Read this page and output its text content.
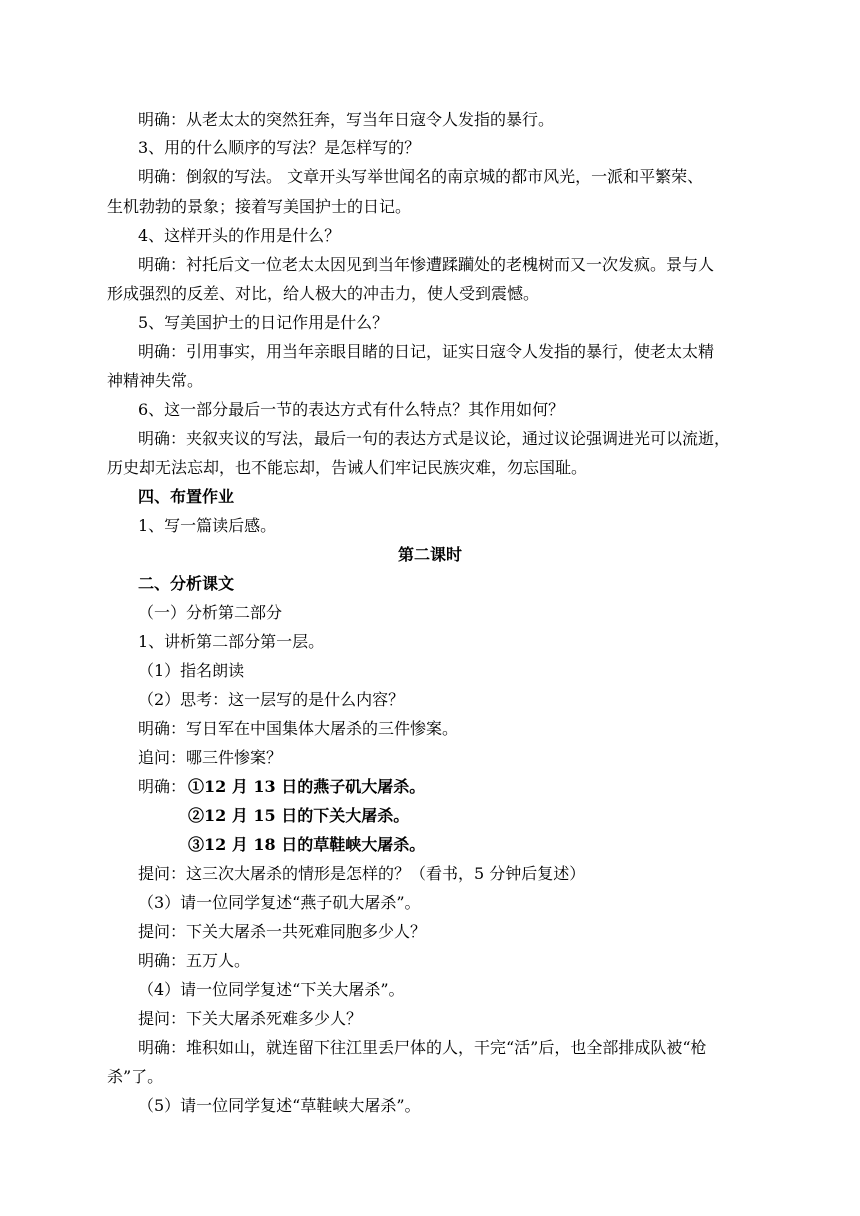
明确：从老太太的突然狂奔，写当年日寇令人发指的暴行。
3、用的什么顺序的写法？是怎样写的？
明确：倒叙的写法。 文章开头写举世闻名的南京城的都市风光，一派和平繁荣、
生机勃勃的景象；接着写美国护士的日记。
4、这样开头的作用是什么？
明确：衬托后文一位老太太因见到当年惨遭蹂躏处的老槐树而又一次发疯。景与人
形成强烈的反差、对比，给人极大的冲击力，使人受到震憾。
5、写美国护士的日记作用是什么？
明确：引用事实，用当年亲眼目睹的日记，证实日寇令人发指的暴行，使老太太精
神精神失常。
6、这一部分最后一节的表达方式有什么特点？其作用如何？
明确：夹叙夹议的写法，最后一句的表达方式是议论，通过议论强调进光可以流逝，
历史却无法忘却，也不能忘却，告诫人们牢记民族灾难，勿忘国耻。
四、布置作业
1、写一篇读后感。
第二课时
二、分析课文
（一）分析第二部分
1、讲析第二部分第一层。
（1）指名朗读
（2）思考：这一层写的是什么内容？
明确：写日军在中国集体大屠杀的三件惨案。
追问：哪三件惨案？
明确： ①12 月 13 日的燕子矶大屠杀。
②12 月 15 日的下关大屠杀。
③12 月 18 日的草鞋峡大屠杀。
提问：这三次大屠杀的情形是怎样的？（看书，5 分钟后复述）
（3）请一位同学复述“燕子矶大屠杀”。
提问：下关大屠杀一共死难同胞多少人？
明确：五万人。
（4）请一位同学复述“下关大屠杀”。
提问：下关大屠杀死难多少人？
明确：堆积如山，就连留下往江里丢尸体的人，干完“活”后，也全部排成队被“枪
杀”了。
（5）请一位同学复述“草鞋峡大屠杀”。
